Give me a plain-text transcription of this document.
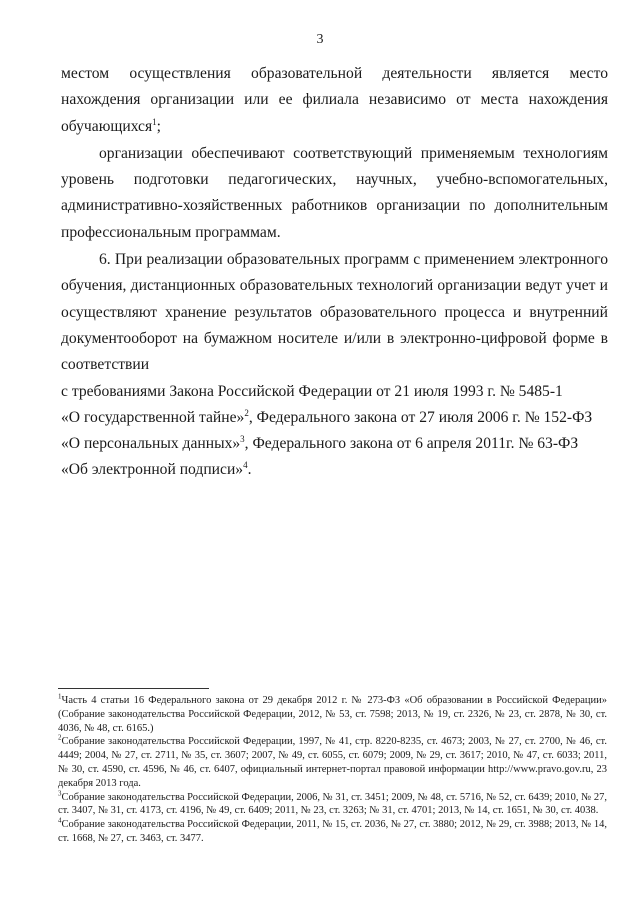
3

местом осуществления образовательной деятельности является место нахождения организации или ее филиала независимо от места нахождения обучающихся$^1$;

организации обеспечивают соответствующий применяемым технологиям уровень подготовки педагогических, научных, учебно-вспомогательных, административно-хозяйственных работников организации по дополнительным профессиональным программам.

6. При реализации образовательных программ с применением электронного обучения, дистанционных образовательных технологий организации ведут учет и осуществляют хранение результатов образовательного процесса и внутренний документооборот на бумажном носителе и/или в электронно-цифровой форме в соответствии

с требованиями Закона Российской Федерации от 21 июля 1993 г. № 5485-1
«О государственной тайне»$^2$, Федерального закона от 27 июля 2006 г. № 152-ФЗ
«О персональных данных»$^3$, Федерального закона от 6 апреля 2011г. № 63-ФЗ
«Об электронной подписи»$^4$.

$^1$Часть 4 статьи 16 Федерального закона от 29 декабря 2012 г. № 273-ФЗ «Об образовании в Российской Федерации» (Собрание законодательства Российской Федерации, 2012, № 53, ст. 7598; 2013, № 19, ст. 2326, № 23, ст. 2878, № 30, ст. 4036, № 48, ст. 6165.)

$^2$Собрание законодательства Российской Федерации, 1997, № 41, стр. 8220-8235, ст. 4673; 2003, № 27, ст. 2700, № 46, ст. 4449; 2004, № 27, ст. 2711, № 35, ст. 3607; 2007, № 49, ст. 6055, ст. 6079; 2009, № 29, ст. 3617; 2010, № 47, ст. 6033; 2011, № 30, ст. 4590, ст. 4596, № 46, ст. 6407, официальный интернет-портал правовой информации http://www.pravo.gov.ru, 23 декабря 2013 года.

$^3$Собрание законодательства Российской Федерации, 2006, № 31, ст. 3451; 2009, № 48, ст. 5716, № 52, ст. 6439; 2010, № 27, ст. 3407, № 31, ст. 4173, ст. 4196, № 49, ст. 6409; 2011, № 23, ст. 3263; № 31, ст. 4701; 2013, № 14, ст. 1651, № 30, ст. 4038.

$^4$Собрание законодательства Российской Федерации, 2011, № 15, ст. 2036, № 27, ст. 3880; 2012, № 29, ст. 3988; 2013, № 14, ст. 1668, № 27, ст. 3463, ст. 3477.
